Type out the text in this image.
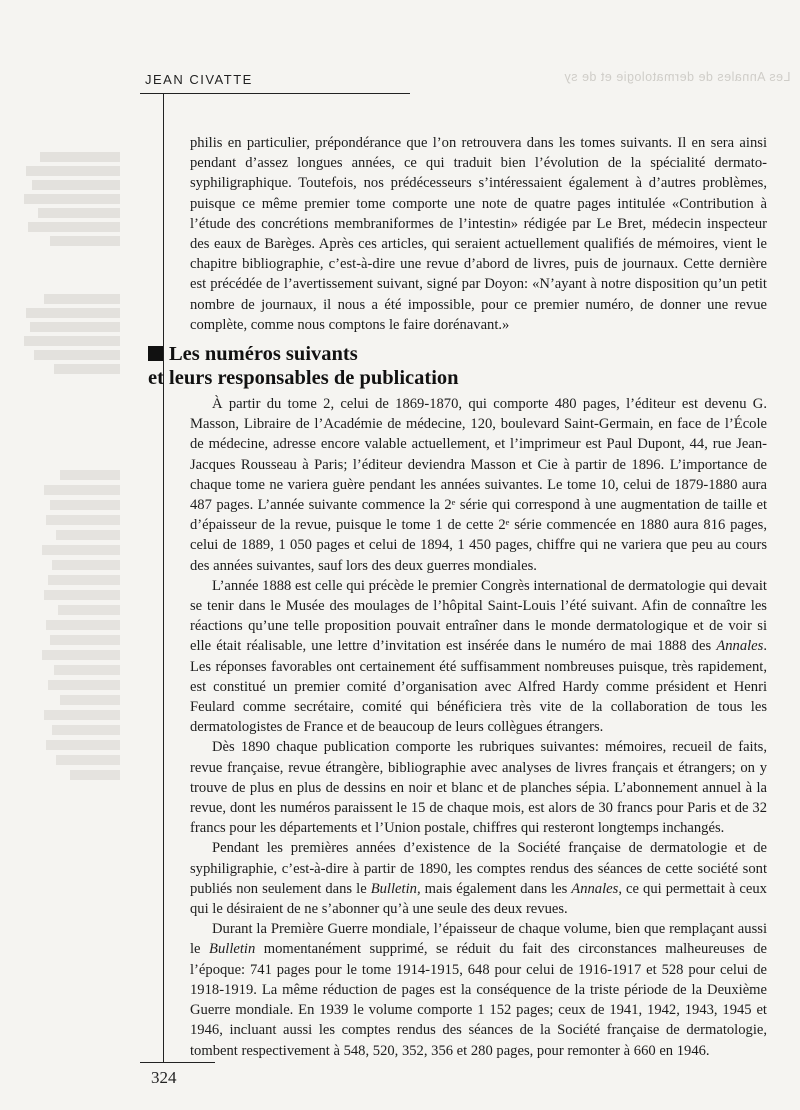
Les Annales de dermatologie et de sy
JEAN CIVATTE

philis en particulier, prépondérance que l’on retrouvera dans les tomes suivants. Il en sera ainsi pendant d’assez longues années, ce qui traduit bien l’évolution de la spécialité dermato-syphiligraphique. Toutefois, nos prédécesseurs s’intéressaient également à d’autres problèmes, puisque ce même premier tome comporte une note de quatre pages intitulée «Contribution à l’étude des concrétions membraniformes de l’intestin» rédigée par Le Bret, médecin inspecteur des eaux de Barèges. Après ces articles, qui seraient actuellement qualifiés de mémoires, vient le chapitre bibliographie, c’est-à-dire une revue d’abord de livres, puis de journaux. Cette dernière est précédée de l’avertissement suivant, signé par Doyon: «N’ayant à notre disposition qu’un petit nombre de journaux, il nous a été impossible, pour ce premier numéro, de donner une revue complète, comme nous comptons le faire dorénavant.»

Les numéros suivants
et leurs responsables de publication

À partir du tome 2, celui de 1869-1870, qui comporte 480 pages, l’éditeur est devenu G. Masson, Libraire de l’Académie de médecine, 120, boulevard Saint-Germain, en face de l’École de médecine, adresse encore valable actuellement, et l’imprimeur est Paul Dupont, 44, rue Jean-Jacques Rousseau à Paris; l’éditeur deviendra Masson et Cie à partir de 1896. L’importance de chaque tome ne variera guère pendant les années suivantes. Le tome 10, celui de 1879-1880 aura 487 pages. L’année suivante commence la 2ᵉ série qui correspond à une augmentation de taille et d’épaisseur de la revue, puisque le tome 1 de cette 2ᵉ série commencée en 1880 aura 816 pages, celui de 1889, 1 050 pages et celui de 1894, 1 450 pages, chiffre qui ne variera que peu au cours des années suivantes, sauf lors des deux guerres mondiales.

L’année 1888 est celle qui précède le premier Congrès international de dermatologie qui devait se tenir dans le Musée des moulages de l’hôpital Saint-Louis l’été suivant. Afin de connaître les réactions qu’une telle proposition pouvait entraîner dans le monde dermatologique et de voir si elle était réalisable, une lettre d’invitation est insérée dans le numéro de mai 1888 des Annales. Les réponses favorables ont certainement été suffisamment nombreuses puisque, très rapidement, est constitué un premier comité d’organisation avec Alfred Hardy comme président et Henri Feulard comme secrétaire, comité qui bénéficiera très vite de la collaboration de tous les dermatologistes de France et de beaucoup de leurs collègues étrangers.

Dès 1890 chaque publication comporte les rubriques suivantes: mémoires, recueil de faits, revue française, revue étrangère, bibliographie avec analyses de livres français et étrangers; on y trouve de plus en plus de dessins en noir et blanc et de planches sépia. L’abonnement annuel à la revue, dont les numéros paraissent le 15 de chaque mois, est alors de 30 francs pour Paris et de 32 francs pour les départements et l’Union postale, chiffres qui resteront longtemps inchangés.

Pendant les premières années d’existence de la Société française de dermatologie et de syphiligraphie, c’est-à-dire à partir de 1890, les comptes rendus des séances de cette société sont publiés non seulement dans le Bulletin, mais également dans les Annales, ce qui permettait à ceux qui le désiraient de ne s’abonner qu’à une seule des deux revues.

Durant la Première Guerre mondiale, l’épaisseur de chaque volume, bien que remplaçant aussi le Bulletin momentanément supprimé, se réduit du fait des circonstances malheureuses de l’époque: 741 pages pour le tome 1914-1915, 648 pour celui de 1916-1917 et 528 pour celui de 1918-1919. La même réduction de pages est la conséquence de la triste période de la Deuxième Guerre mondiale. En 1939 le volume comporte 1 152 pages; ceux de 1941, 1942, 1943, 1945 et 1946, incluant aussi les comptes rendus des séances de la Société française de dermatologie, tombent respectivement à 548, 520, 352, 356 et 280 pages, pour remonter à 660 en 1946.

324
